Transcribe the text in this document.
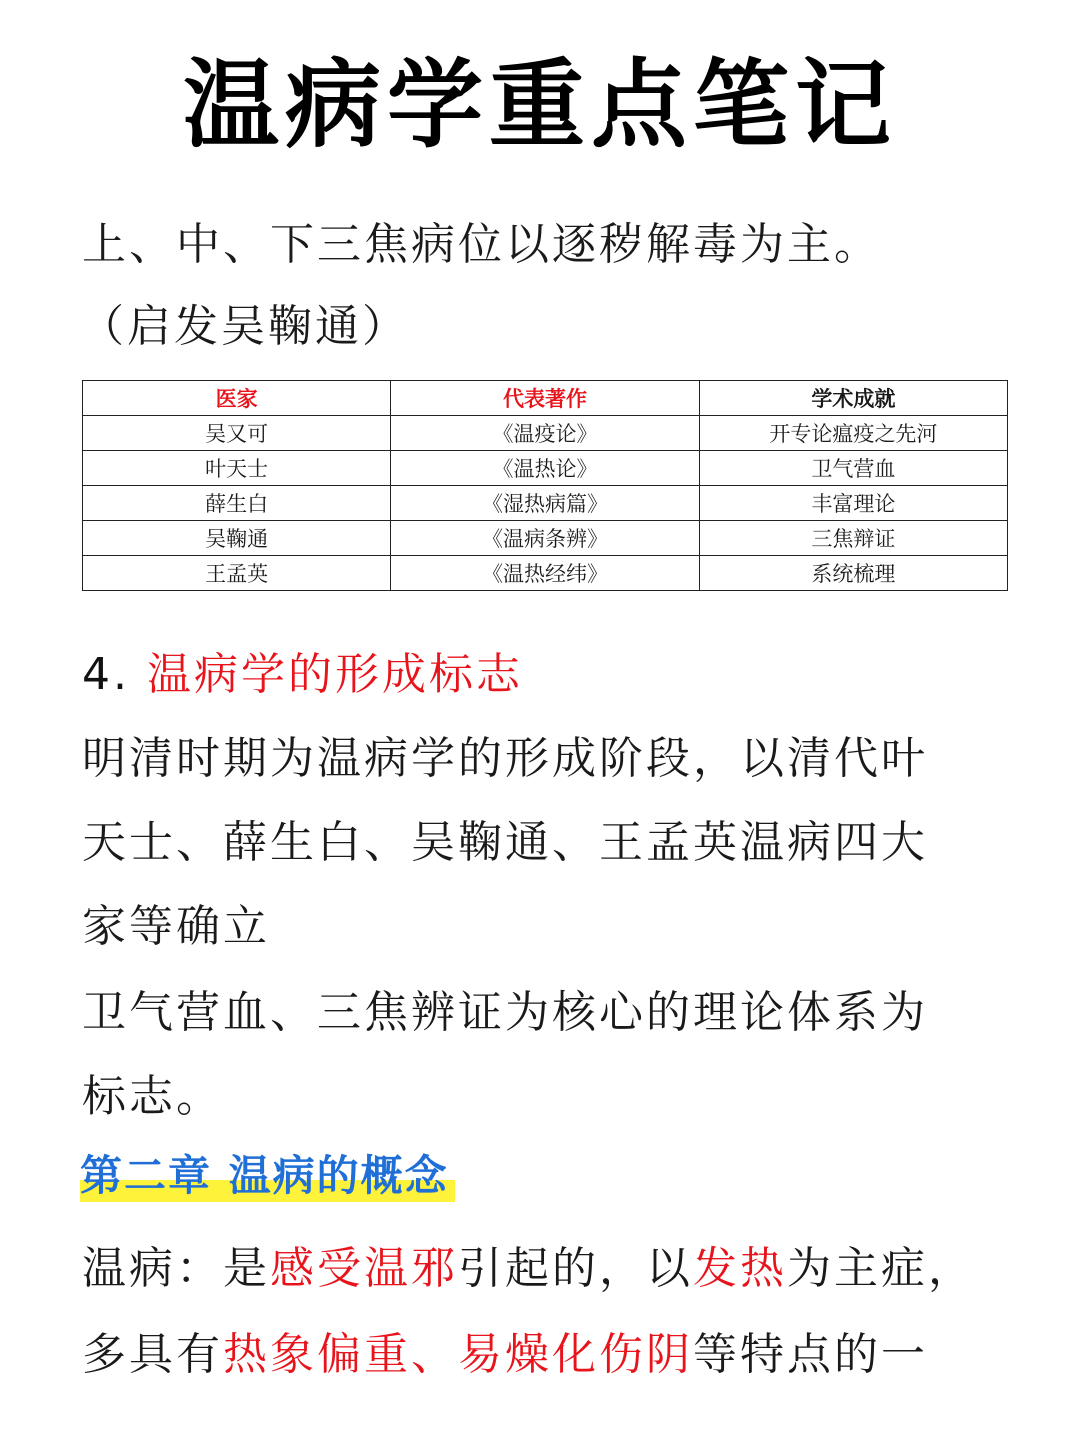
温病学重点笔记
上、中、下三焦病位以逐秽解毒为主。
（启发吴鞠通）
医家	代表著作	学术成就
吴又可	《温疫论》	开专论瘟疫之先河
叶天士	《温热论》	卫气营血
薛生白	《湿热病篇》	丰富理论
吴鞠通	《温病条辨》	三焦辩证
王孟英	《温热经纬》	系统梳理
4. 温病学的形成标志
明清时期为温病学的形成阶段，以清代叶
天士、薛生白、吴鞠通、王孟英温病四大
家等确立
卫气营血、三焦辨证为核心的理论体系为
标志。
第二章 温病的概念
温病：是感受温邪引起的，以发热为主症，
多具有热象偏重、易燥化伤阴等特点的一
